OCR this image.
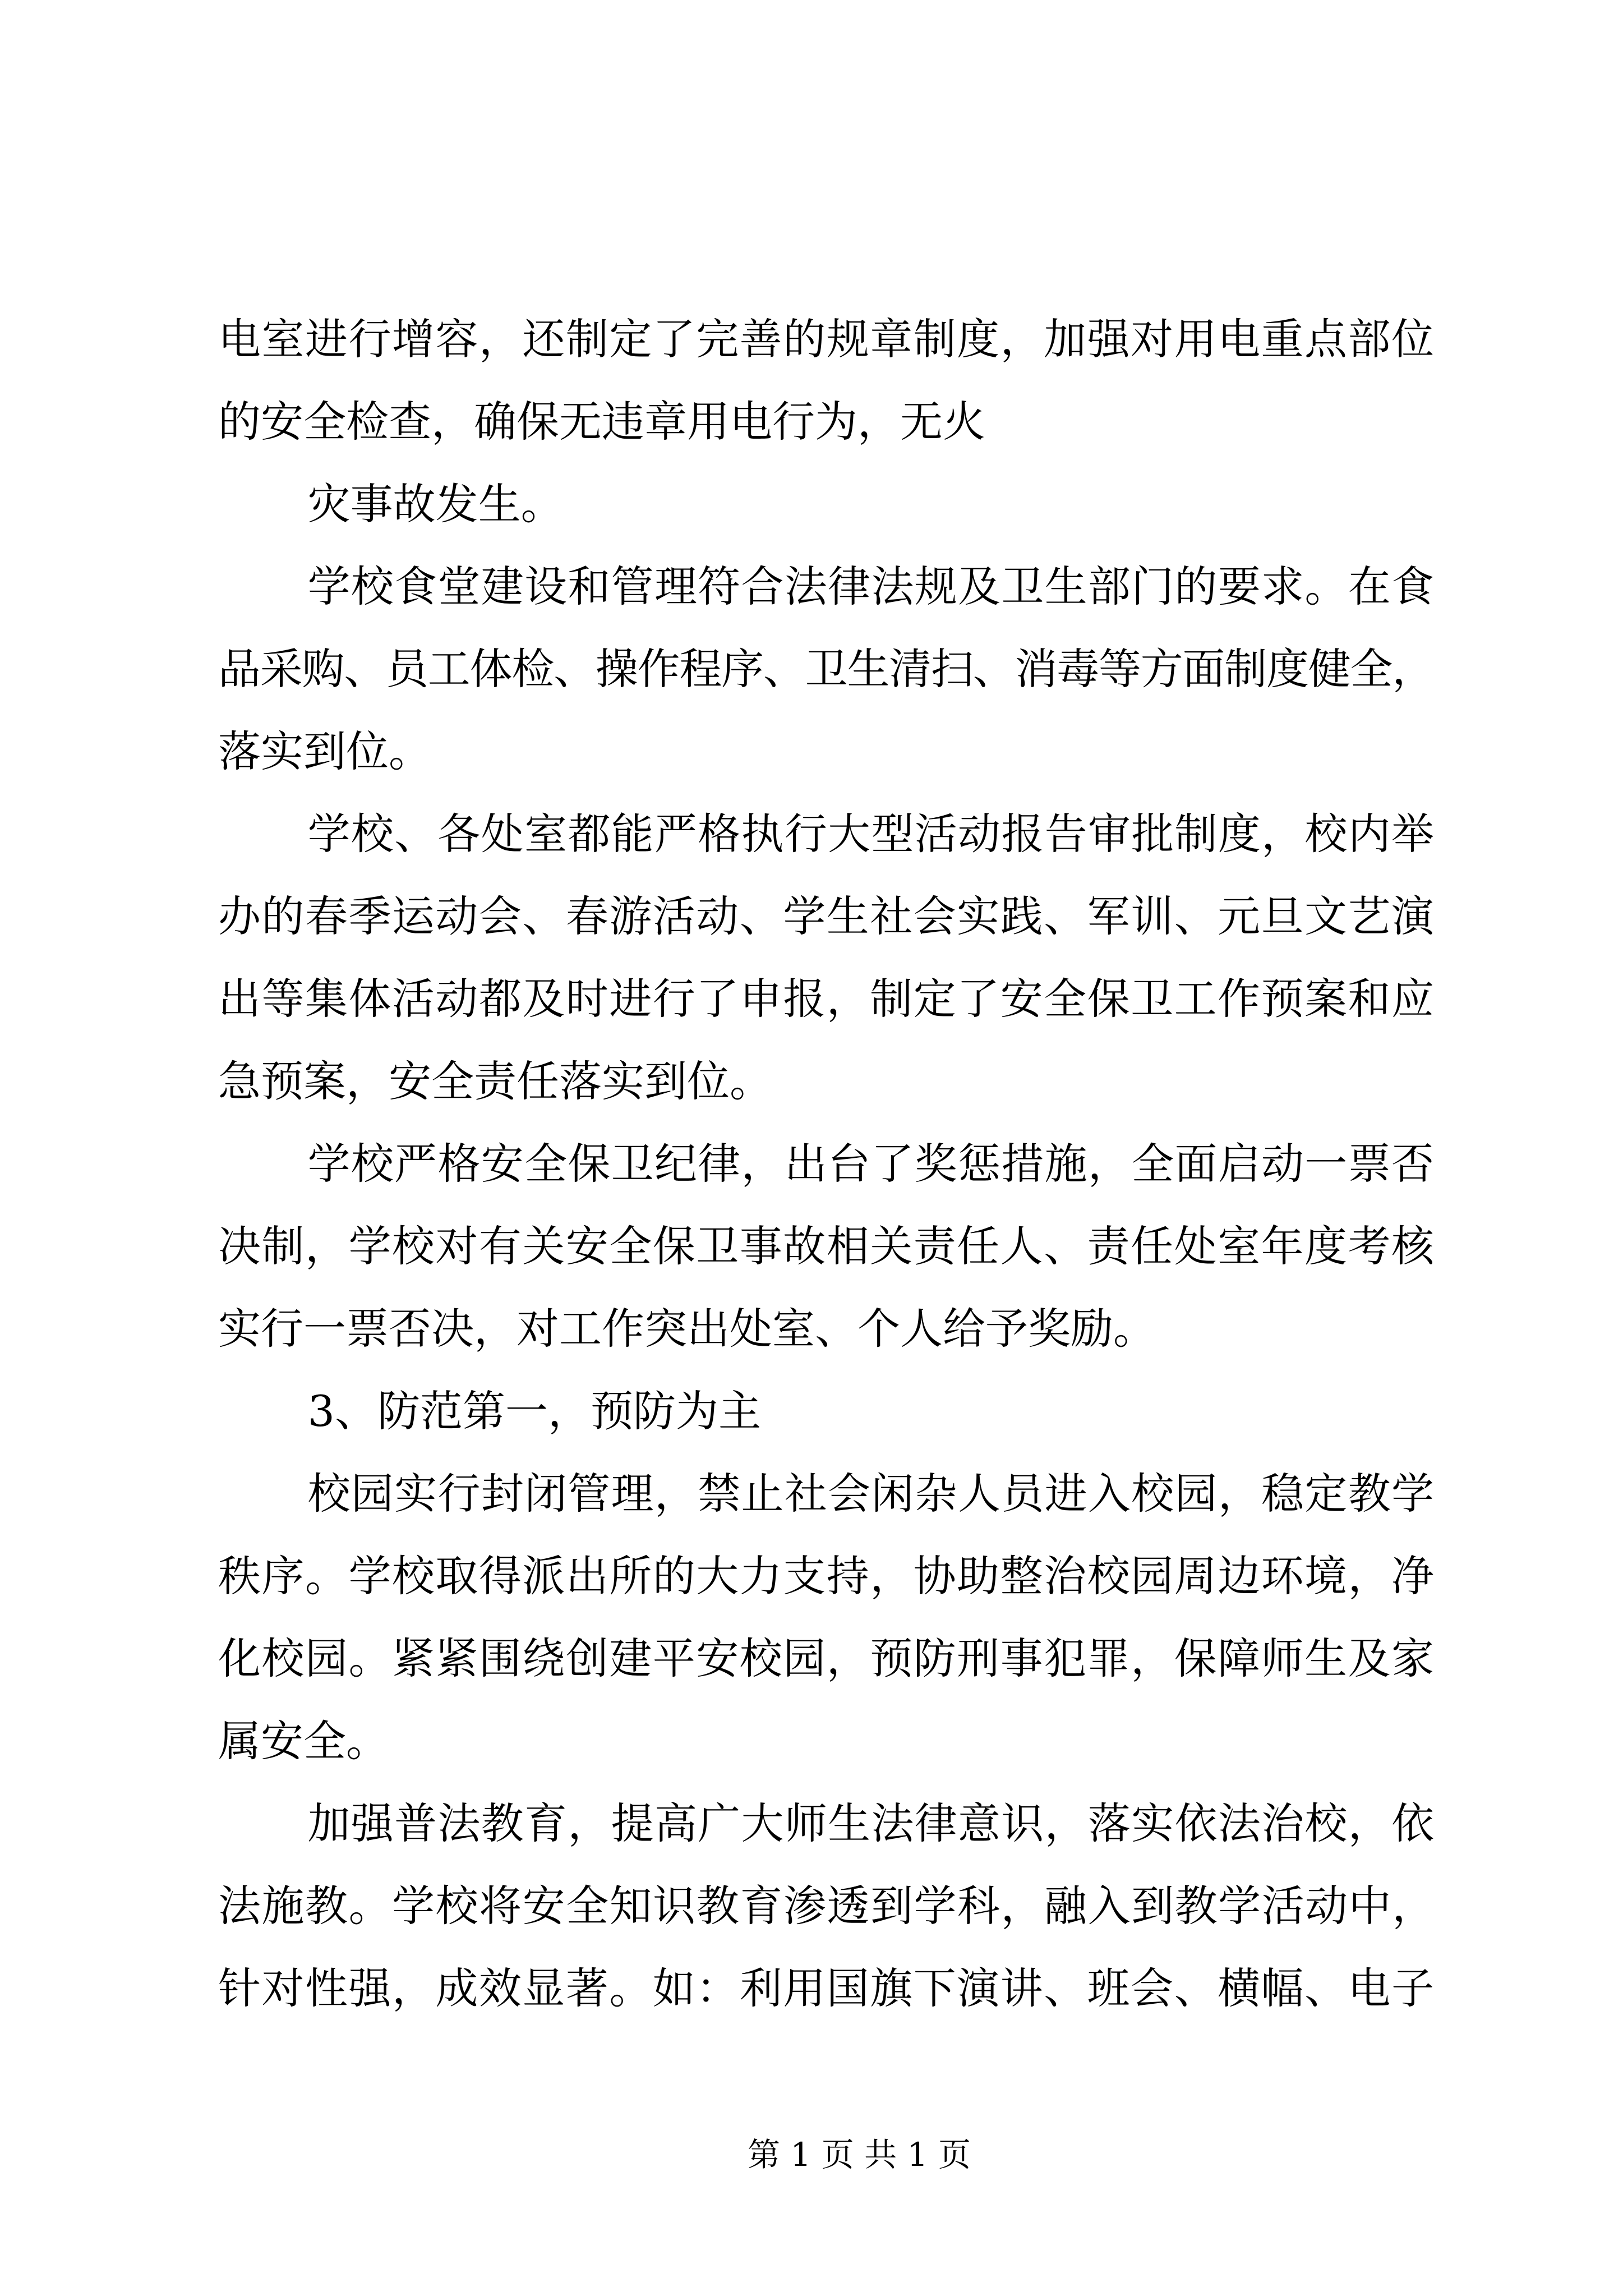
电室进行增容，还制定了完善的规章制度，加强对用电重点部位
的安全检查，确保无违章用电行为，无火
灾事故发生。
学校食堂建设和管理符合法律法规及卫生部门的要求。在食
品采购、员工体检、操作程序、卫生清扫、消毒等方面制度健全，
落实到位。
学校、各处室都能严格执行大型活动报告审批制度，校内举
办的春季运动会、春游活动、学生社会实践、军训、元旦文艺演
出等集体活动都及时进行了申报，制定了安全保卫工作预案和应
急预案，安全责任落实到位。
学校严格安全保卫纪律，出台了奖惩措施，全面启动一票否
决制，学校对有关安全保卫事故相关责任人、责任处室年度考核
实行一票否决，对工作突出处室、个人给予奖励。
3、防范第一，预防为主
校园实行封闭管理，禁止社会闲杂人员进入校园，稳定教学
秩序。学校取得派出所的大力支持，协助整治校园周边环境，净
化校园。紧紧围绕创建平安校园，预防刑事犯罪，保障师生及家
属安全。
加强普法教育，提高广大师生法律意识，落实依法治校，依
法施教。学校将安全知识教育渗透到学科，融入到教学活动中，
针对性强，成效显著。如：利用国旗下演讲、班会、横幅、电子
第 1 页 共 1 页
